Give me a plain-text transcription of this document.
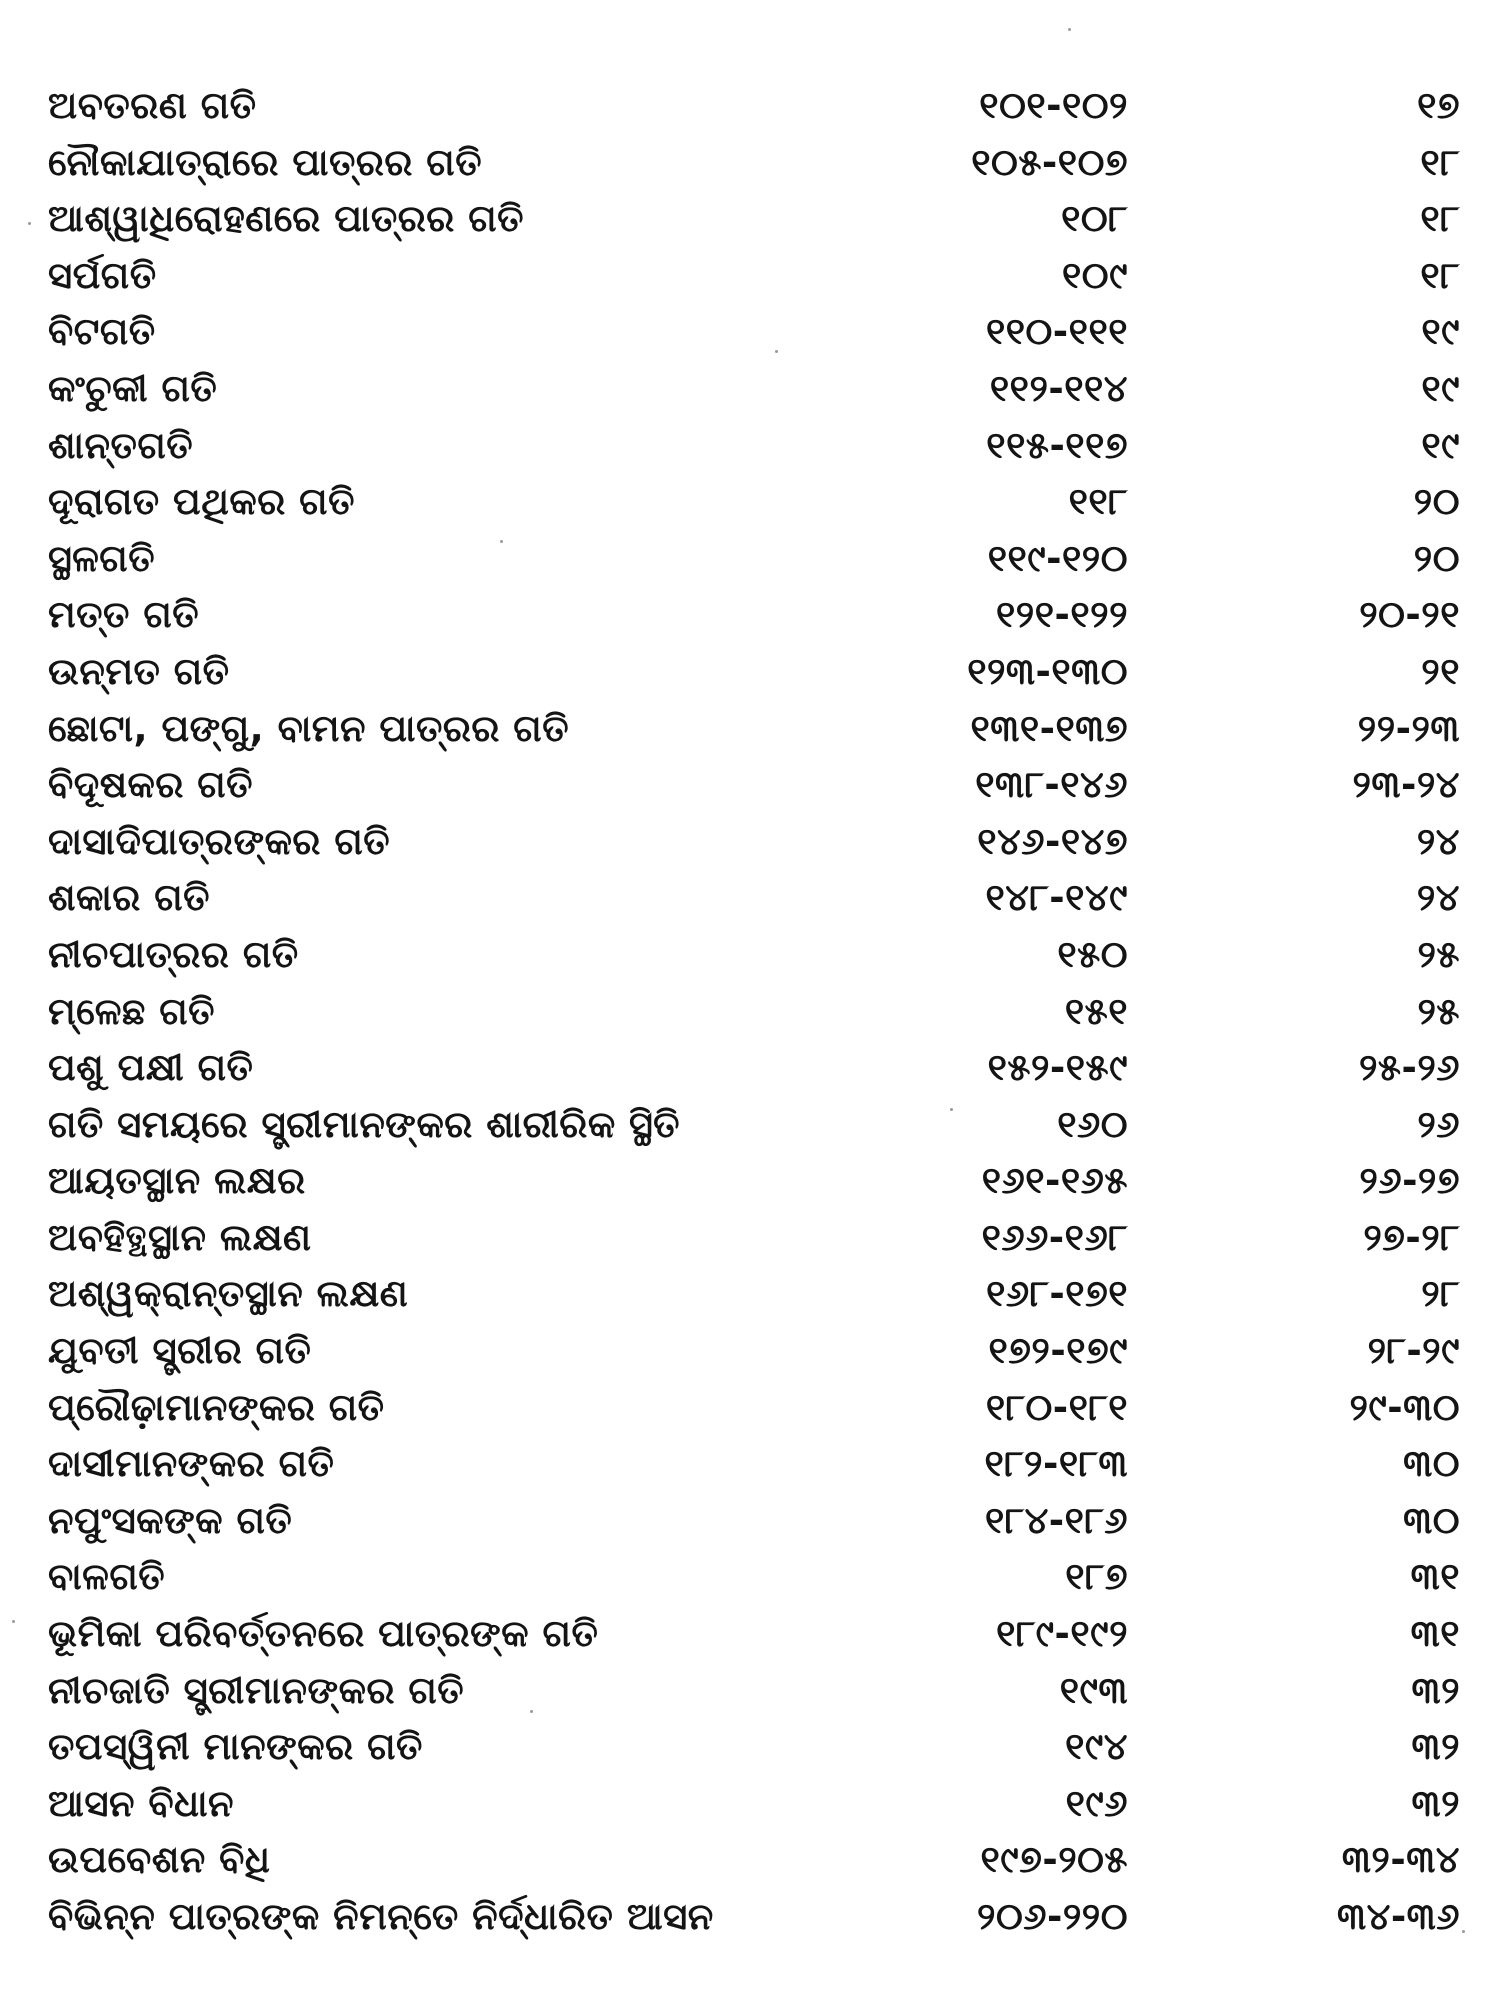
ଅବତରଣ ଗତି	୧୦୧-୧୦୨	୧୭
ନୌକାଯାତ୍ରାରେ ପାତ୍ରର ଗତି	୧୦୫-୧୦୭	୧୮
ଆଶ୍ୱାଧିରୋହଣରେ ପାତ୍ରର ଗତି	୧୦୮	୧୮
ସର୍ପଗତି	୧୦୯	୧୮
ବିଟଗତି	୧୧୦-୧୧୧	୧୯
କଂଚୁକୀ ଗତି	୧୧୨-୧୧୪	୧୯
ଶାନ୍ତଗତି	୧୧୫-୧୧୭	୧୯
ଦୂରାଗତ ପଥିକର ଗତି	୧୧୮	୨୦
ସ୍ଥଳଗତି	୧୧୯-୧୨୦	୨୦
ମତ୍ତ ଗତି	୧୨୧-୧୨୨	୨୦-୨୧
ଉନ୍ମତ ଗତି	୧୨୩-୧୩୦	୨୧
ଛୋଟା, ପଙ୍ଗୁ, ବାମନ ପାତ୍ରର ଗତି	୧୩୧-୧୩୭	୨୨-୨୩
ବିଦୂଷକର ଗତି	୧୩୮-୧୪୬	୨୩-୨୪
ଦାସାଦିପାତ୍ରଙ୍କର ଗତି	୧୪୬-୧୪୭	୨୪
ଶକାର ଗତି	୧୪୮-୧୪୯	୨୪
ନୀଚପାତ୍ରର ଗତି	୧୫୦	୨୫
ମ୍ଳେଛ ଗତି	୧୫୧	୨୫
ପଶୁ ପକ୍ଷୀ ଗତି	୧୫୨-୧୫୯	୨୫-୨୬
ଗତି ସମୟରେ ସ୍ତ୍ରୀମାନଙ୍କର ଶାରୀରିକ ସ୍ଥିତି	୧୬୦	୨୬
ଆୟତସ୍ଥାନ ଲକ୍ଷର	୧୬୧-୧୬୫	୨୬-୨୭
ଅବହିତ୍ଥସ୍ଥାନ ଲକ୍ଷଣ	୧୬୬-୧୬୮	୨୭-୨୮
ଅଶ୍ୱକ୍ରାନ୍ତସ୍ଥାନ ଲକ୍ଷଣ	୧୬୮-୧୭୧	୨୮
ଯୁବତୀ ସ୍ତ୍ରୀର ଗତି	୧୭୨-୧୭୯	୨୮-୨୯
ପ୍ରୌଢ଼ାମାନଙ୍କର ଗତି	୧୮୦-୧୮୧	୨୯-୩୦
ଦାସୀମାନଙ୍କର ଗତି	୧୮୨-୧୮୩	୩୦
ନପୁଂସକଙ୍କ ଗତି	୧୮୪-୧୮୬	୩୦
ବାଳଗତି	୧୮୭	୩୧
ଭୂମିକା ପରିବର୍ତ୍ତନରେ ପାତ୍ରଙ୍କ ଗତି	୧୮୯-୧୯୨	୩୧
ନୀଚଜାତି ସ୍ତ୍ରୀମାନଙ୍କର ଗତି	୧୯୩	୩୨
ତପସ୍ୱିନୀ ମାନଙ୍କର ଗତି	୧୯୪	୩୨
ଆସନ ବିଧାନ	୧୯୬	୩୨
ଉପବେଶନ ବିଧି	୧୯୭-୨୦୫	୩୨-୩୪
ବିଭିନ୍ନ ପାତ୍ରଙ୍କ ନିମନ୍ତେ ନିର୍ଦ୍ଧାରିତ ଆସନ	୨୦୬-୨୨୦	୩୪-୩୬
